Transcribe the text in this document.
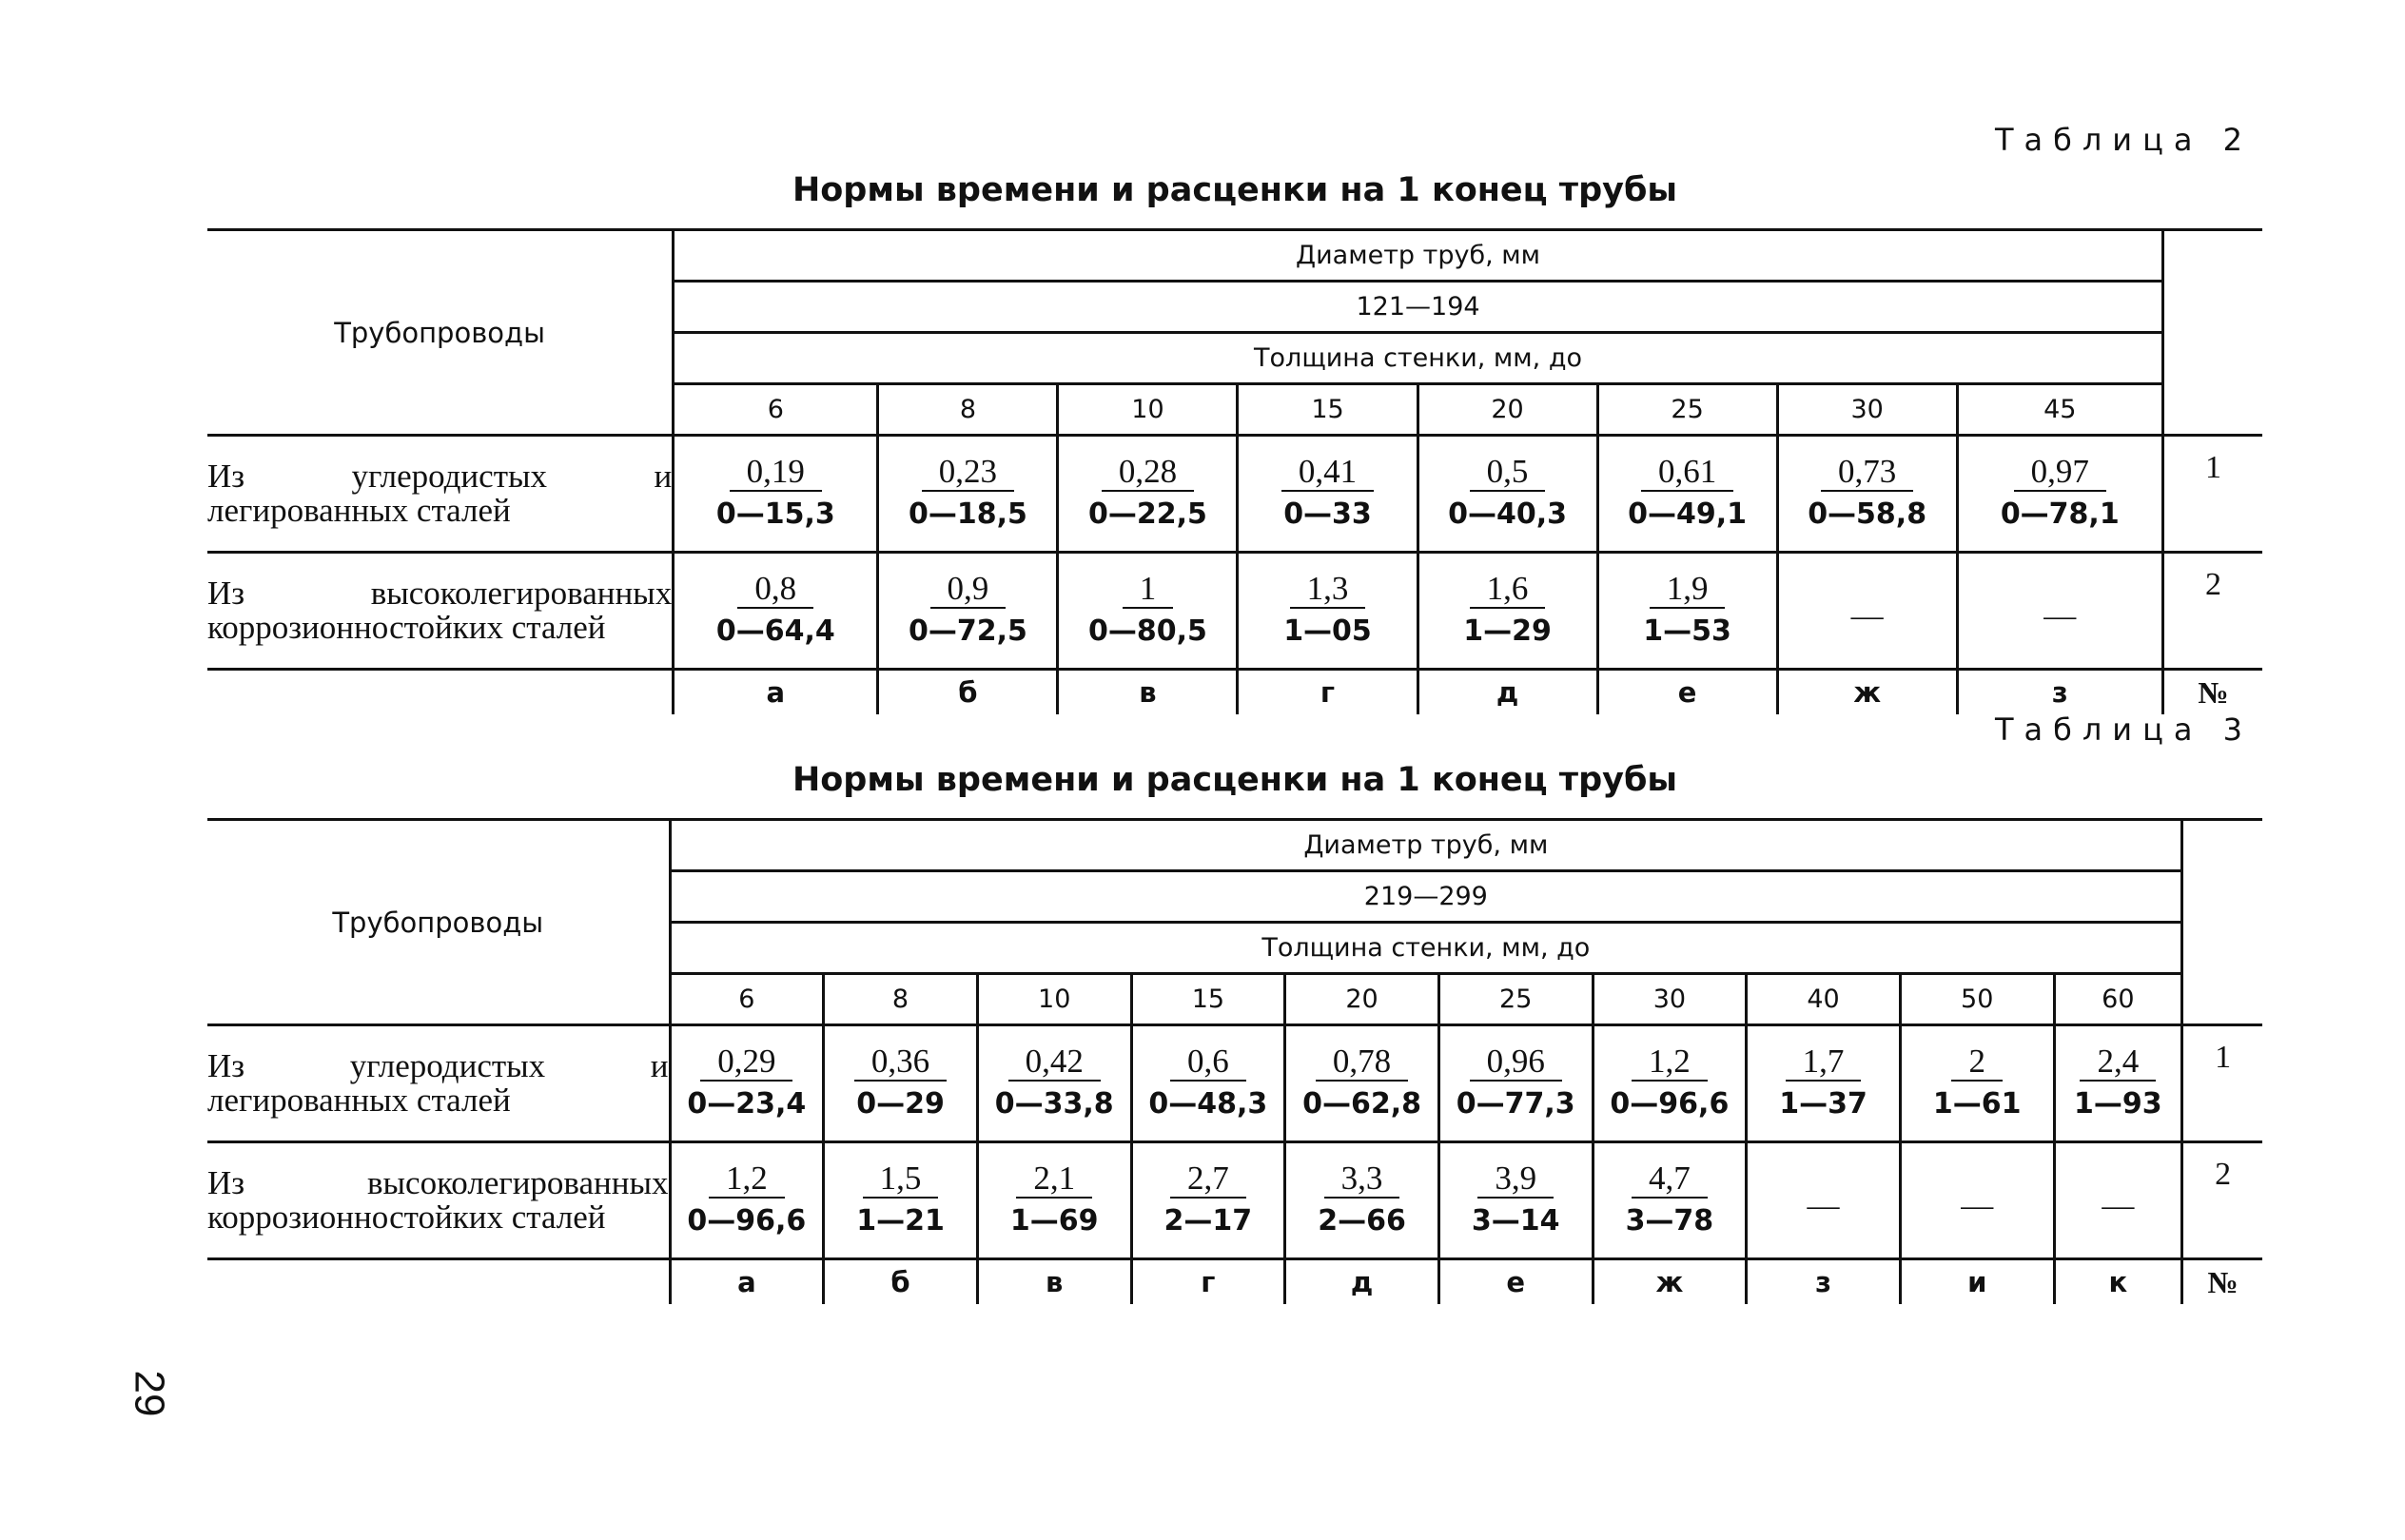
Таблица 2
Нормы времени и расценки на 1 конец трубы
Трубопроводы	Диаметр труб, мм								
	121—194								
	Толщина стенки, мм, до								
	6	8	10	15	20	25	30	45	
Из углеродистых и легированных сталей	$\frac{0,19}{0—15,3}$	$\frac{0,23}{0—18,5}$	$\frac{0,28}{0—22,5}$	$\frac{0,41}{0—33}$	$\frac{0,5}{0—40,3}$	$\frac{0,61}{0—49,1}$	$\frac{0,73}{0—58,8}$	$\frac{0,97}{0—78,1}$	1
Из высоколегированных коррозионностойких сталей	$\frac{0,8}{0—64,4}$	$\frac{0,9}{0—72,5}$	$\frac{1}{0—80,5}$	$\frac{1,3}{1—05}$	$\frac{1,6}{1—29}$	$\frac{1,9}{1—53}$	—	—	2
	а	б	в	г	д	е	ж	з	№
Таблица 3
Нормы времени и расценки на 1 конец трубы
Трубопроводы	Диаметр труб, мм										
	219—299										
	Толщина стенки, мм, до										
	6	8	10	15	20	25	30	40	50	60	
Из углеродистых и легированных сталей	$\frac{0,29}{0—23,4}$	$\frac{0,36}{0—29}$	$\frac{0,42}{0—33,8}$	$\frac{0,6}{0—48,3}$	$\frac{0,78}{0—62,8}$	$\frac{0,96}{0—77,3}$	$\frac{1,2}{0—96,6}$	$\frac{1,7}{1—37}$	$\frac{2}{1—61}$	$\frac{2,4}{1—93}$	1
Из высоколегированных коррозионностойких сталей	$\frac{1,2}{0—96,6}$	$\frac{1,5}{1—21}$	$\frac{2,1}{1—69}$	$\frac{2,7}{2—17}$	$\frac{3,3}{2—66}$	$\frac{3,9}{3—14}$	$\frac{4,7}{3—78}$	—	—	—	2
	а	б	в	г	д	е	ж	з	и	к	№
29
